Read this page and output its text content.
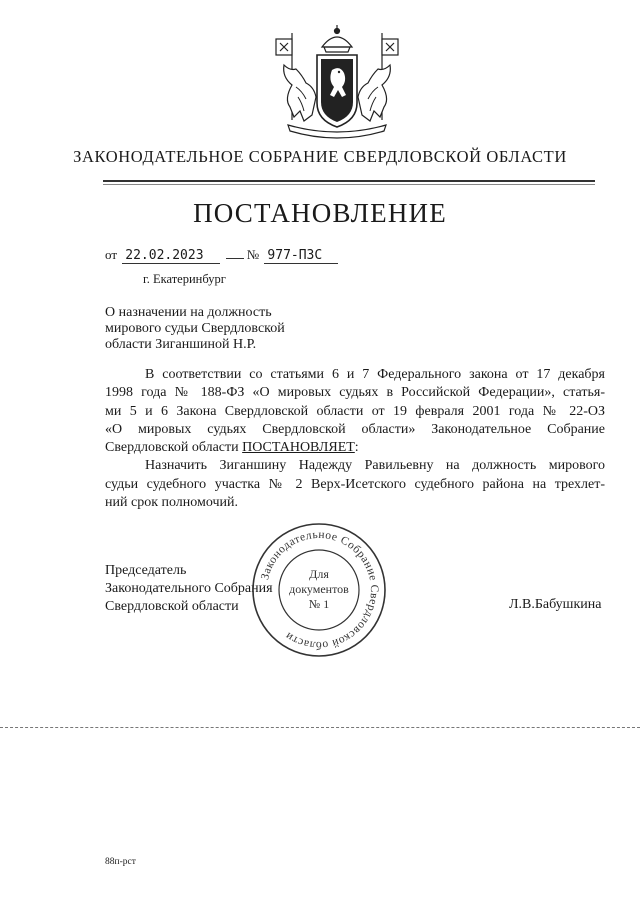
ЗАКОНОДАТЕЛЬНОЕ СОБРАНИЕ СВЕРДЛОВСКОЙ ОБЛАСТИ
ПОСТАНОВЛЕНИЕ
от 22.02.2023	№ 977-ПЗС
г. Екатеринбург
О назначении на должность
мирового судьи Свердловской
области Зиганшиной Н.Р.
В соответствии со статьями 6 и 7 Федерального закона от 17 декабря
1998 года № 188-ФЗ «О мировых судьях в Российской Федерации», статья-
ми 5 и 6 Закона Свердловской области от 19 февраля 2001 года № 22-ОЗ
«О мировых судьях Свердловской области» Законодательное Собрание
Свердловской области ПОСТАНОВЛЯЕТ:
Назначить Зиганшину Надежду Равильевну на должность мирового
судьи судебного участка № 2 Верх-Исетского судебного района на трехлет-
ний срок полномочий.
Председатель
Законодательного Собрания
Свердловской области
Законодательное Собрание Свердловской области
Для
документов
№ 1	Л.В.Бабушкина
88п-рст
